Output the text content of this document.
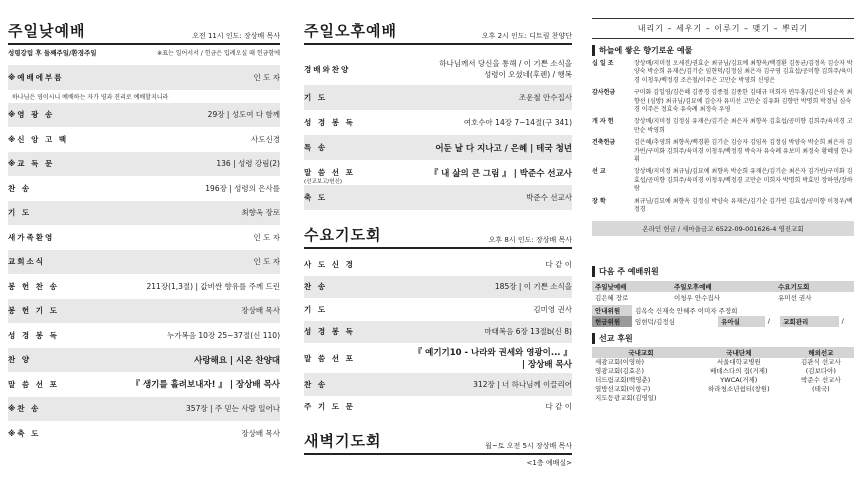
주일낮예배	오전 11시 인도: 장상배 목사
성령강림 후 둘째주일/환경주일	※표는 일어서서 / 헌금은 입례오실 때 헌금함에
※예배에부름	인 도 자
하나님은 영이시니 예배하는 자가 영과 진리로 예배할지니라
※영 광 송	29장 | 성도여 다 함께
※신 앙 고 백	사도신경
※교 독 문	136 | 성령 강림(2)
찬 송	196장 | 성령의 은사를
기 도	최향옥 장로
새가족환영	인 도 자
교회소식	인 도 자
봉 헌 찬 송	211장(1,3절) | 값비싼 향유를 주께 드린
봉 헌 기 도	장상배 목사
성 경 봉 독	누가복음 10장 25~37절(신 110)
찬 양	사랑해요 | 시온 찬양대
말 씀 선 포	『 생기를 흘려보내자! 』 | 장상배 목사
※찬 송	357장 | 주 믿는 사람 일어나
※축 도	장상배 목사
주일오후예배	오후 2시 인도: 디트림 찬양단
경배와찬양
하나님께서 당신을 통해 / 이 기쁜 소식을
성령이 오셨네(후렌) / 행복
기 도	조운철 안수집사
성 경 봉 독	여호수아 14장 7~14절(구 341)
특 송	어둔 날 다 지나고 / 은혜 | 테국 청년
말 씀 선 포	『 내 삶의 큰 그림 』 | 박준수 선교사
(선교보고/헌신)
축 도	박준수 선교사
수요기도회	오후 8시 인도: 장상배 목사
사 도 신 경	다 같 이
찬 송	185장 | 이 기쁜 소식을
기 도	김미영 권사
성 경 봉 독	마태복음 6장 13절b(신 8)
말 씀 선 포	『 예기기10 - 나라와 권세와 영광이... 』
| 장상배 목사
찬 송	312장 | 너 하나님께 이끌리어
주 기 도 문	다 같 이
새벽기도회	월~토 오전 5시 장상배 목사
<1층 예배실>
내리기 – 세우기 – 이루기 – 맺기 – 뿌리기
하늘에 쌓은 향기로운 예물
십 일 조	장상배/지미정 오세진/권효순 최규님/김묘예 최향옥/백경환 김동균/김정옥 김승자 박양숙 박순희 유재은/김기순 임현덕/김정심 최은자 김구영 김효섭/공미향 김희주/육미경 이청우/백정경 조은철/이주은 고만순 박영희 신영은
감사헌금	구미화 김일영/김은혜 김종경 김종철 김종한 김태규 미희자 연두홍/김은미 임순옥 최향선 (심방) 최규님/김묘예 김승자 유미선 고만순 김유화 김향만 박명희 박정님 심숙경 이주은 정효숙 유숙례 최정숙 우영
개 자 헌	장상배/지미정 김정심 유재은/김기순 최은자 최향옥 김효섭/공미향 김희주/육미경 고만순 박영희
건축헌금	김은혜/추영희 최향옥/백경환 김기순 김승자 김임옥 김정심 박양숙 박순희 최은자 김가빈/구미화 김희주/육미경 이청우/백정경 박숙자 유숙례 유보미 최정숙 황혜영 한나휘
선 교	장상배/지미정 최규님/김묘예 최향옥 박순희 유재은/김기순 최은자 김가빈/구미화 김효섭/공미향 김희주/육미경 이청우/백정경 고만순 미희자 박명희 박효민 장하연/장하람
장 학	최규님/김묘예 최향옥 김정심 박양숙 유재은/김기순 김가빈 김효섭/공미향 이청우/백정경
온라인 헌금 / 새마을금고 6522-09-001626-4 영진교회
다음 주 예배위원
주일낮예배	주일오후예배	수요기도회
김은혜 장로	이청우 안수집사	유미선 권사
안내위원	김옥숙 신재숙 안혜주 이미자 주정희				
헌금위원	임현덕/김정심	유아실	/	교회관리	/
선교 후원
국내교회	국내단체	해외선교
세광교회(이영하)	서울대학교병원	김관식 선교사
영광교회(김효은)	베데스다의 집(거제)	(김보다아)
더드림교회(백영춘)	YWCA(거제)	박준수 선교사
열방선교회(이항구)	하라청소년쉼터(창원)	(테국)
지도등광교회(김영일)		
